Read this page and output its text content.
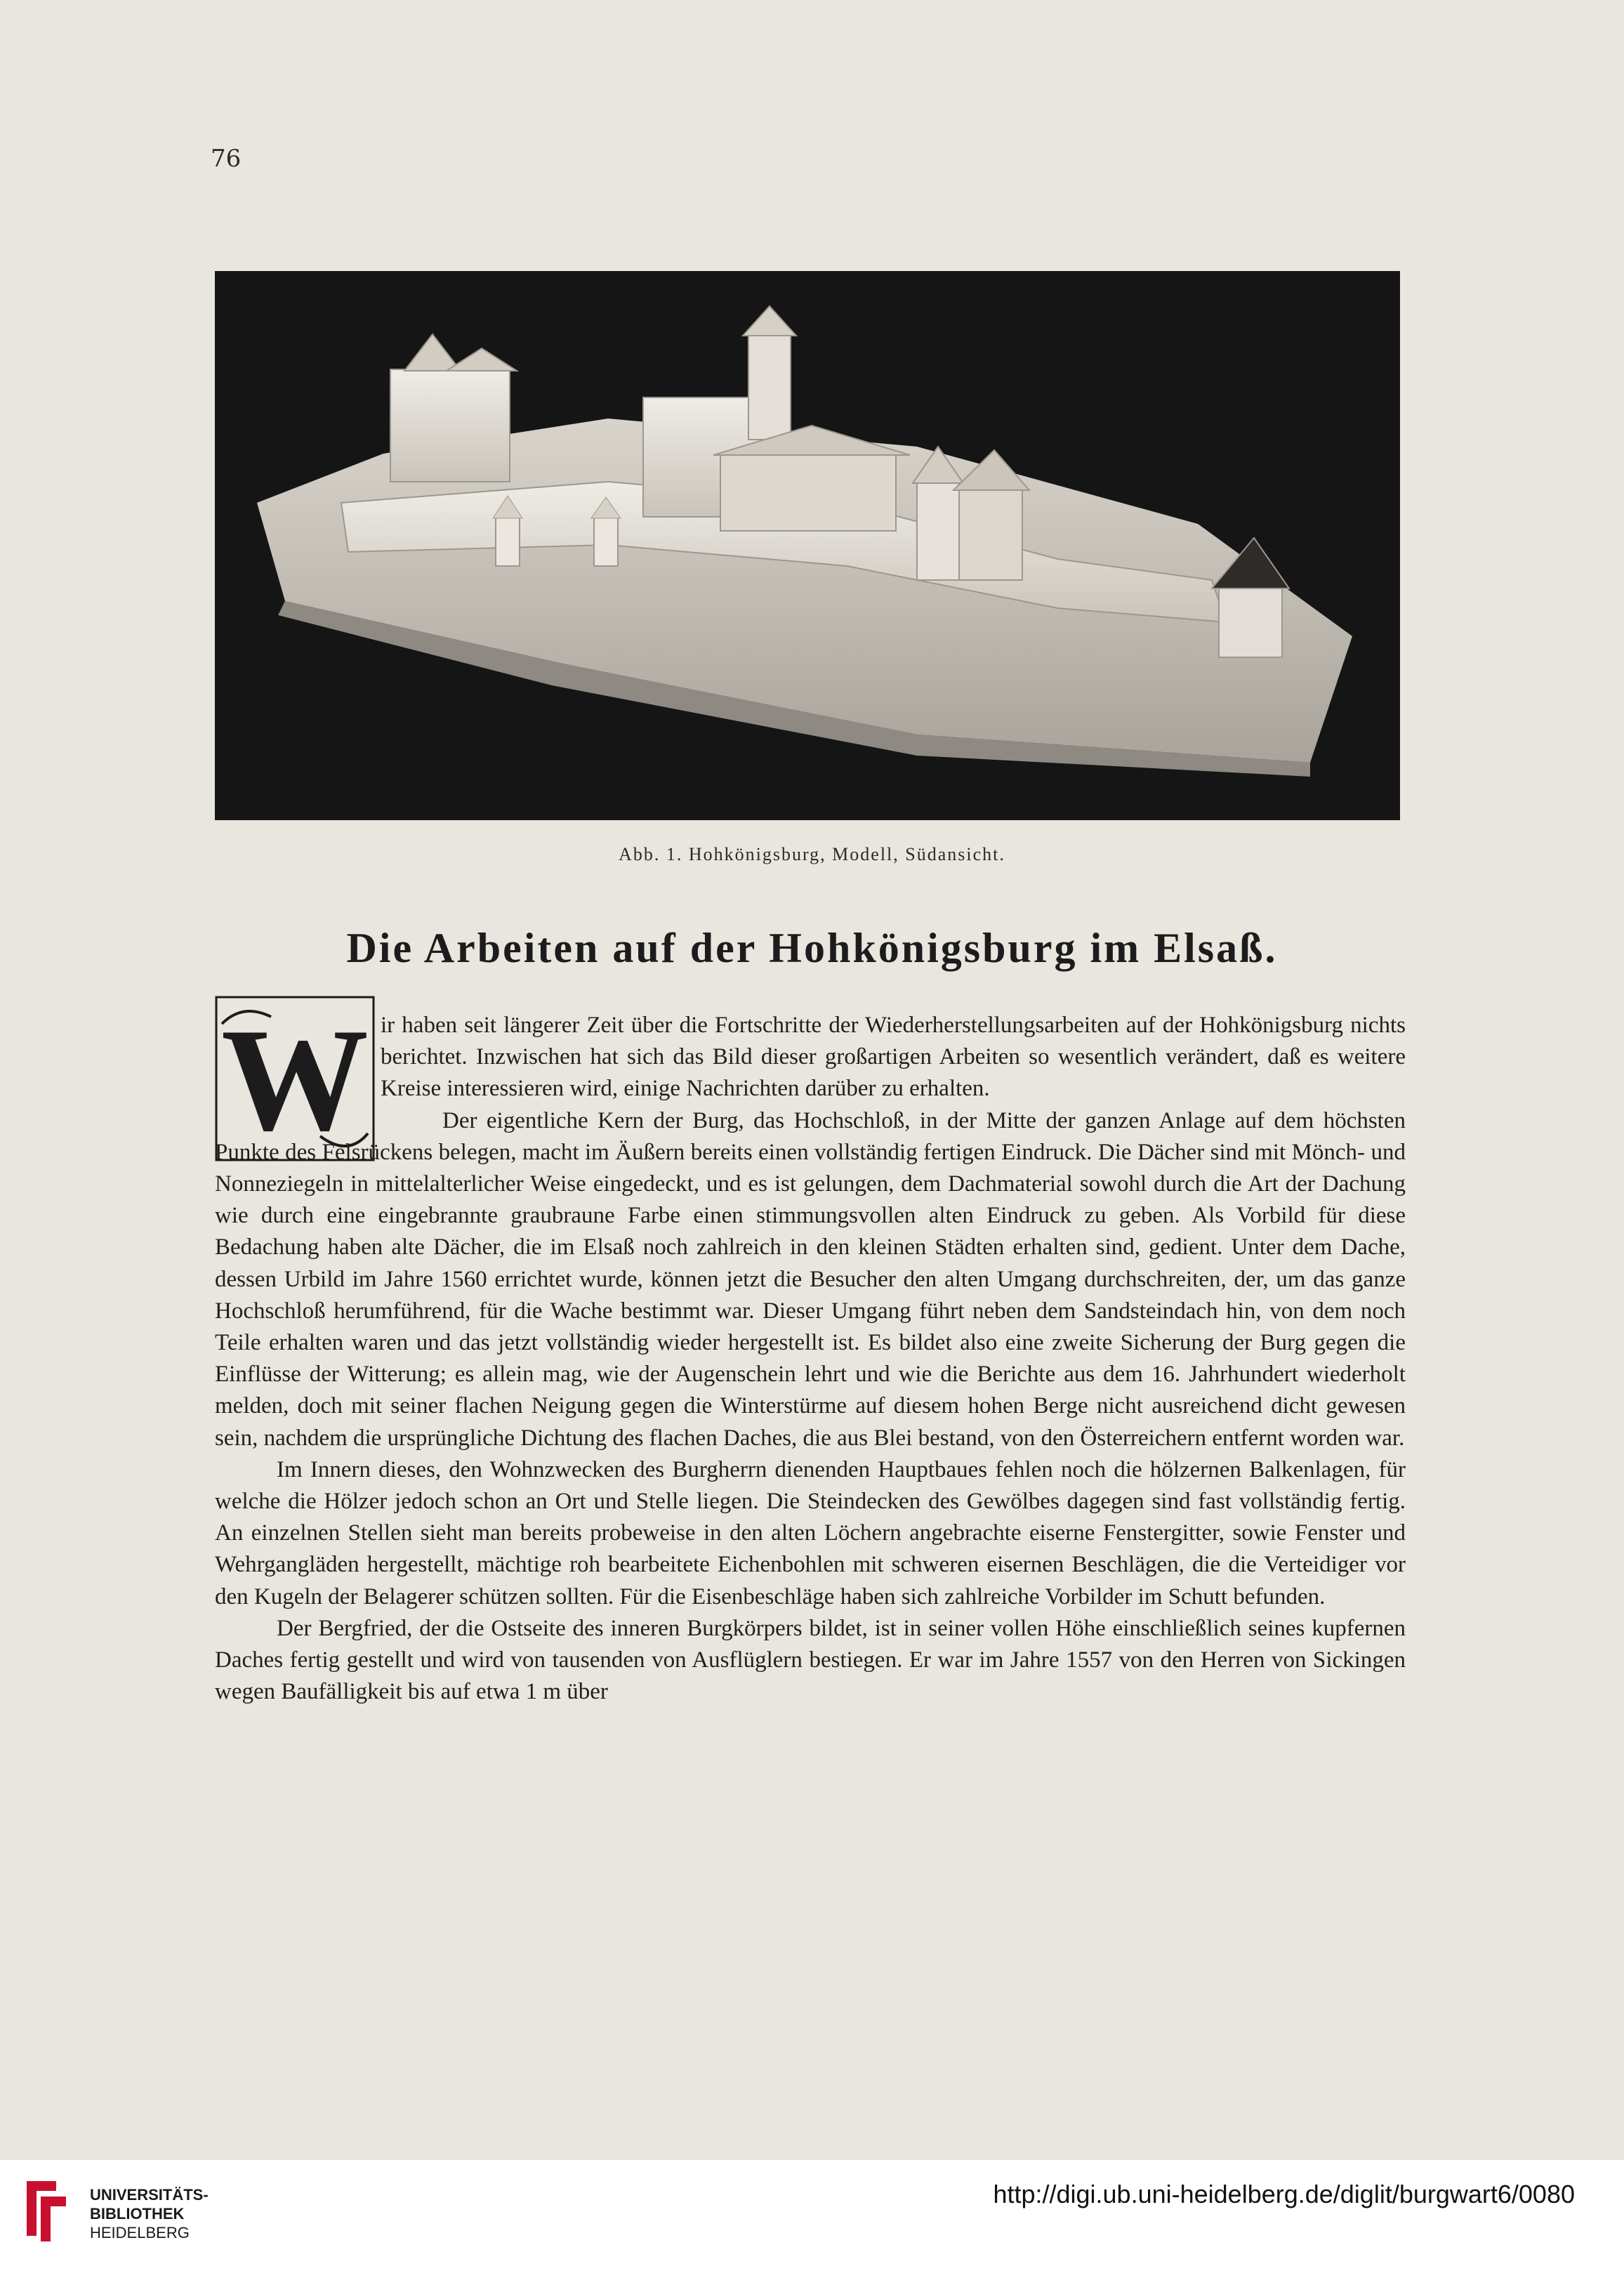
76
Abb. 1. Hohkönigsburg, Modell, Südansicht.
Die Arbeiten auf der Hohkönigsburg im Elsaß.
W ir haben seit längerer Zeit über die Fortschritte der Wiederherstellungsarbeiten auf der Hohkönigsburg nichts berichtet. Inzwischen hat sich das Bild dieser großartigen Arbeiten so wesentlich verändert, daß es weitere Kreise interessieren wird, einige Nachrichten darüber zu erhalten.

Der eigentliche Kern der Burg, das Hochschloß, in der Mitte der ganzen Anlage auf dem höchsten Punkte des Felsrückens belegen, macht im Äußern bereits einen vollständig fertigen Eindruck. Die Dächer sind mit Mönch- und Nonneziegeln in mittelalterlicher Weise eingedeckt, und es ist gelungen, dem Dachmaterial sowohl durch die Art der Dachung wie durch eine eingebrannte graubraune Farbe einen stimmungsvollen alten Eindruck zu geben. Als Vorbild für diese Bedachung haben alte Dächer, die im Elsaß noch zahlreich in den kleinen Städten erhalten sind, gedient. Unter dem Dache, dessen Urbild im Jahre 1560 errichtet wurde, können jetzt die Besucher den alten Umgang durchschreiten, der, um das ganze Hochschloß herumführend, für die Wache bestimmt war. Dieser Umgang führt neben dem Sandsteindach hin, von dem noch Teile erhalten waren und das jetzt vollständig wieder hergestellt ist. Es bildet also eine zweite Sicherung der Burg gegen die Einflüsse der Witterung; es allein mag, wie der Augenschein lehrt und wie die Berichte aus dem 16. Jahrhundert wiederholt melden, doch mit seiner flachen Neigung gegen die Winterstürme auf diesem hohen Berge nicht ausreichend dicht gewesen sein, nachdem die ursprüngliche Dichtung des flachen Daches, die aus Blei bestand, von den Österreichern entfernt worden war.

Im Innern dieses, den Wohnzwecken des Burgherrn dienenden Hauptbaues fehlen noch die hölzernen Balkenlagen, für welche die Hölzer jedoch schon an Ort und Stelle liegen. Die Steindecken des Gewölbes dagegen sind fast vollständig fertig. An einzelnen Stellen sieht man bereits probeweise in den alten Löchern angebrachte eiserne Fenstergitter, sowie Fenster und Wehrgangläden hergestellt, mächtige roh bearbeitete Eichenbohlen mit schweren eisernen Beschlägen, die die Verteidiger vor den Kugeln der Belagerer schützen sollten. Für die Eisenbeschläge haben sich zahlreiche Vorbilder im Schutt befunden.

Der Bergfried, der die Ostseite des inneren Burgkörpers bildet, ist in seiner vollen Höhe einschließlich seines kupfernen Daches fertig gestellt und wird von tausenden von Ausflüglern bestiegen. Er war im Jahre 1557 von den Herren von Sickingen wegen Baufälligkeit bis auf etwa 1 m über

UNIVERSITÄTS-
BIBLIOTHEK
HEIDELBERG
http://digi.ub.uni-heidelberg.de/diglit/burgwart6/0080
